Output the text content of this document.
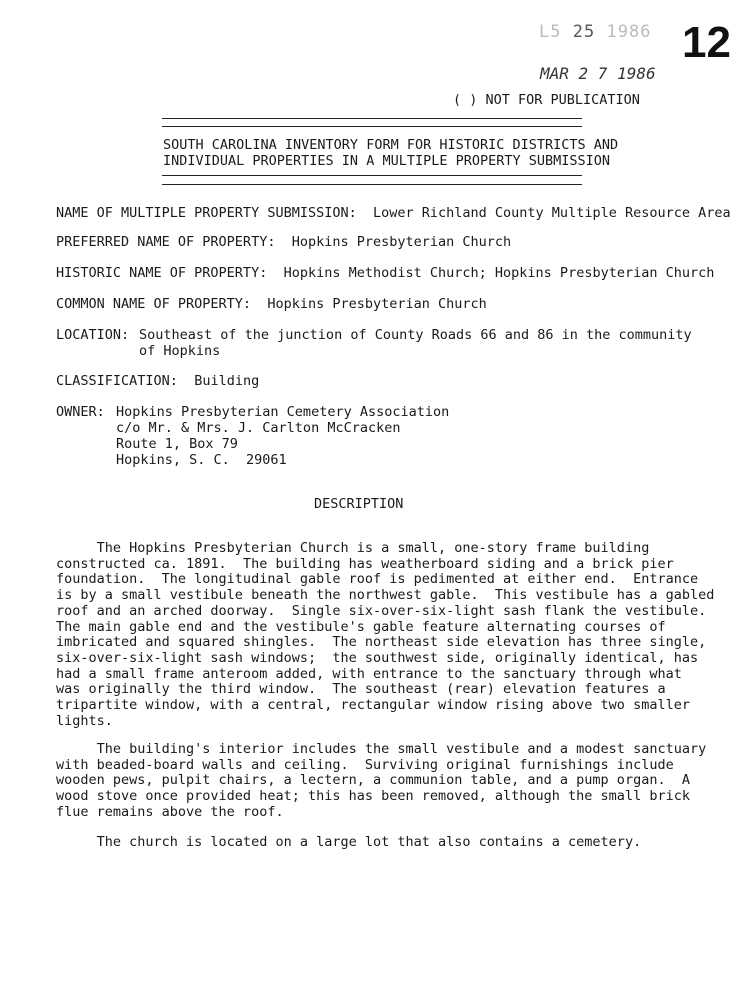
L5 25 1986 12
MAR 2 7 1986
( ) NOT FOR PUBLICATION
SOUTH CAROLINA INVENTORY FORM FOR HISTORIC DISTRICTS AND
INDIVIDUAL PROPERTIES IN A MULTIPLE PROPERTY SUBMISSION
NAME OF MULTIPLE PROPERTY SUBMISSION: Lower Richland County Multiple Resource Area
PREFERRED NAME OF PROPERTY: Hopkins Presbyterian Church
HISTORIC NAME OF PROPERTY: Hopkins Methodist Church; Hopkins Presbyterian Church
COMMON NAME OF PROPERTY: Hopkins Presbyterian Church
LOCATION: Southeast of the junction of County Roads 66 and 86 in the community
of Hopkins
CLASSIFICATION: Building
OWNER: Hopkins Presbyterian Cemetery Association
c/o Mr. & Mrs. J. Carlton McCracken
Route 1, Box 79
Hopkins, S. C.  29061
DESCRIPTION
The Hopkins Presbyterian Church is a small, one-story frame building
constructed ca. 1891.  The building has weatherboard siding and a brick pier
foundation.  The longitudinal gable roof is pedimented at either end.  Entrance
is by a small vestibule beneath the northwest gable.  This vestibule has a gabled
roof and an arched doorway.  Single six-over-six-light sash flank the vestibule.
The main gable end and the vestibule's gable feature alternating courses of
imbricated and squared shingles.  The northeast side elevation has three single,
six-over-six-light sash windows;  the southwest side, originally identical, has
had a small frame anteroom added, with entrance to the sanctuary through what
was originally the third window.  The southeast (rear) elevation features a
tripartite window, with a central, rectangular window rising above two smaller
lights.
The building's interior includes the small vestibule and a modest sanctuary
with beaded-board walls and ceiling.  Surviving original furnishings include
wooden pews, pulpit chairs, a lectern, a communion table, and a pump organ.  A
wood stove once provided heat; this has been removed, although the small brick
flue remains above the roof.
The church is located on a large lot that also contains a cemetery.
